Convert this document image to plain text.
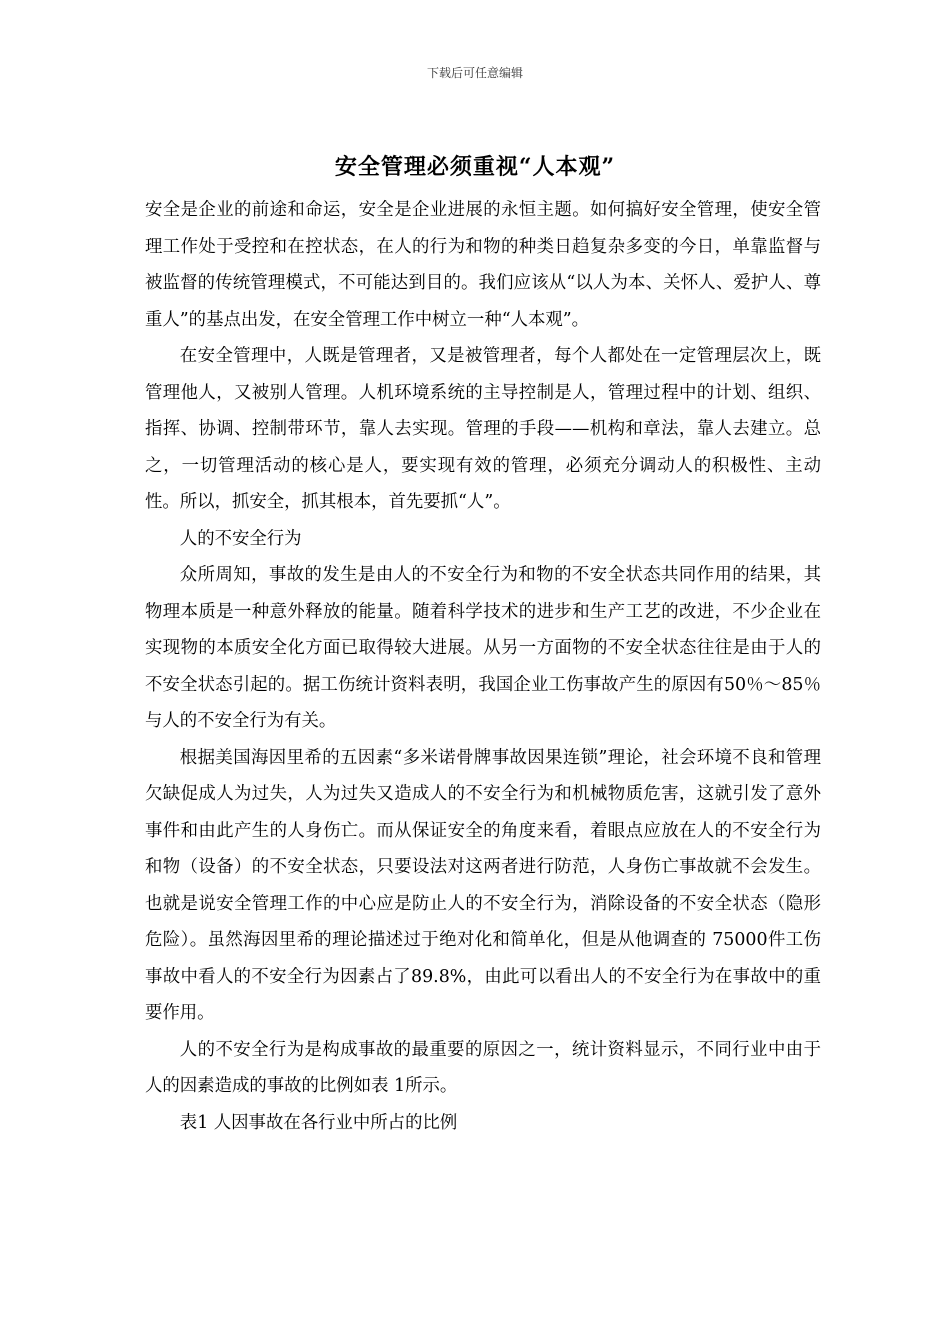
下载后可任意编辑
安全管理必须重视“人本观”

安全是企业的前途和命运，安全是企业进展的永恒主题。如何搞好安全管理，使安全管理工作处于受控和在控状态，在人的行为和物的种类日趋复杂多变的今日，单靠监督与被监督的传统管理模式，不可能达到目的。我们应该从“以人为本、关怀人、爱护人、尊重人”的基点出发，在安全管理工作中树立一种“人本观”。

在安全管理中，人既是管理者，又是被管理者，每个人都处在一定管理层次上，既管理他人，又被别人管理。人机环境系统的主导控制是人，管理过程中的计划、组织、指挥、协调、控制带环节，靠人去实现。管理的手段——机构和章法，靠人去建立。总之，一切管理活动的核心是人，要实现有效的管理，必须充分调动人的积极性、主动性。所以，抓安全，抓其根本，首先要抓“人”。

人的不安全行为

众所周知，事故的发生是由人的不安全行为和物的不安全状态共同作用的结果，其物理本质是一种意外释放的能量。随着科学技术的进步和生产工艺的改进，不少企业在实现物的本质安全化方面已取得较大进展。从另一方面物的不安全状态往往是由于人的不安全状态引起的。据工伤统计资料表明，我国企业工伤事故产生的原因有50％～85％与人的不安全行为有关。

根据美国海因里希的五因素“多米诺骨牌事故因果连锁”理论，社会环境不良和管理欠缺促成人为过失，人为过失又造成人的不安全行为和机械物质危害，这就引发了意外事件和由此产生的人身伤亡。而从保证安全的角度来看，着眼点应放在人的不安全行为和物（设备）的不安全状态，只要设法对这两者进行防范，人身伤亡事故就不会发生。也就是说安全管理工作的中心应是防止人的不安全行为，消除设备的不安全状态（隐形危险）。虽然海因里希的理论描述过于绝对化和简单化，但是从他调查的 75000件工伤事故中看人的不安全行为因素占了89.8%，由此可以看出人的不安全行为在事故中的重要作用。

人的不安全行为是构成事故的最重要的原因之一，统计资料显示，不同行业中由于人的因素造成的事故的比例如表 1所示。

表1 人因事故在各行业中所占的比例
